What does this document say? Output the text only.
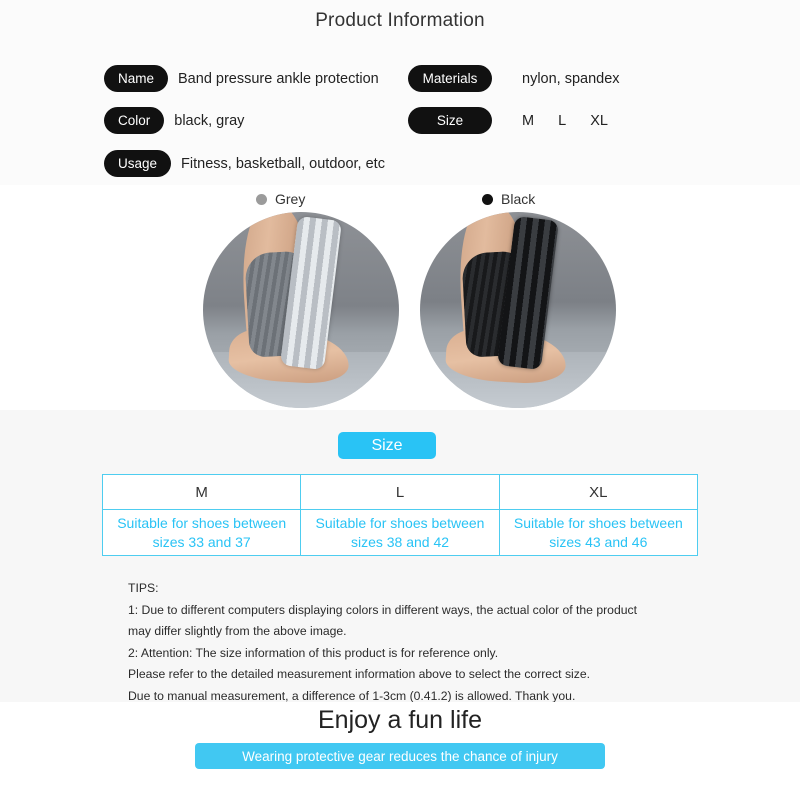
Product Information
Name	Band pressure ankle protection	Materials	nylon, spandex
Color	black, gray	Size	M L XL
Usage	Fitness, basketball, outdoor, etc
Grey	Black
Size
M	L	XL
Suitable for shoes between sizes 33 and 37	Suitable for shoes between sizes 38 and 42	Suitable for shoes between sizes 43 and 46
TIPS:
1: Due to different computers displaying colors in different ways, the actual color of the product
may differ slightly from the above image.
2: Attention: The size information of this product is for reference only.
Please refer to the detailed measurement information above to select the correct size.
Due to manual measurement, a difference of 1-3cm (0.41.2) is allowed. Thank you.
Enjoy a fun life
Wearing protective gear reduces the chance of injury
